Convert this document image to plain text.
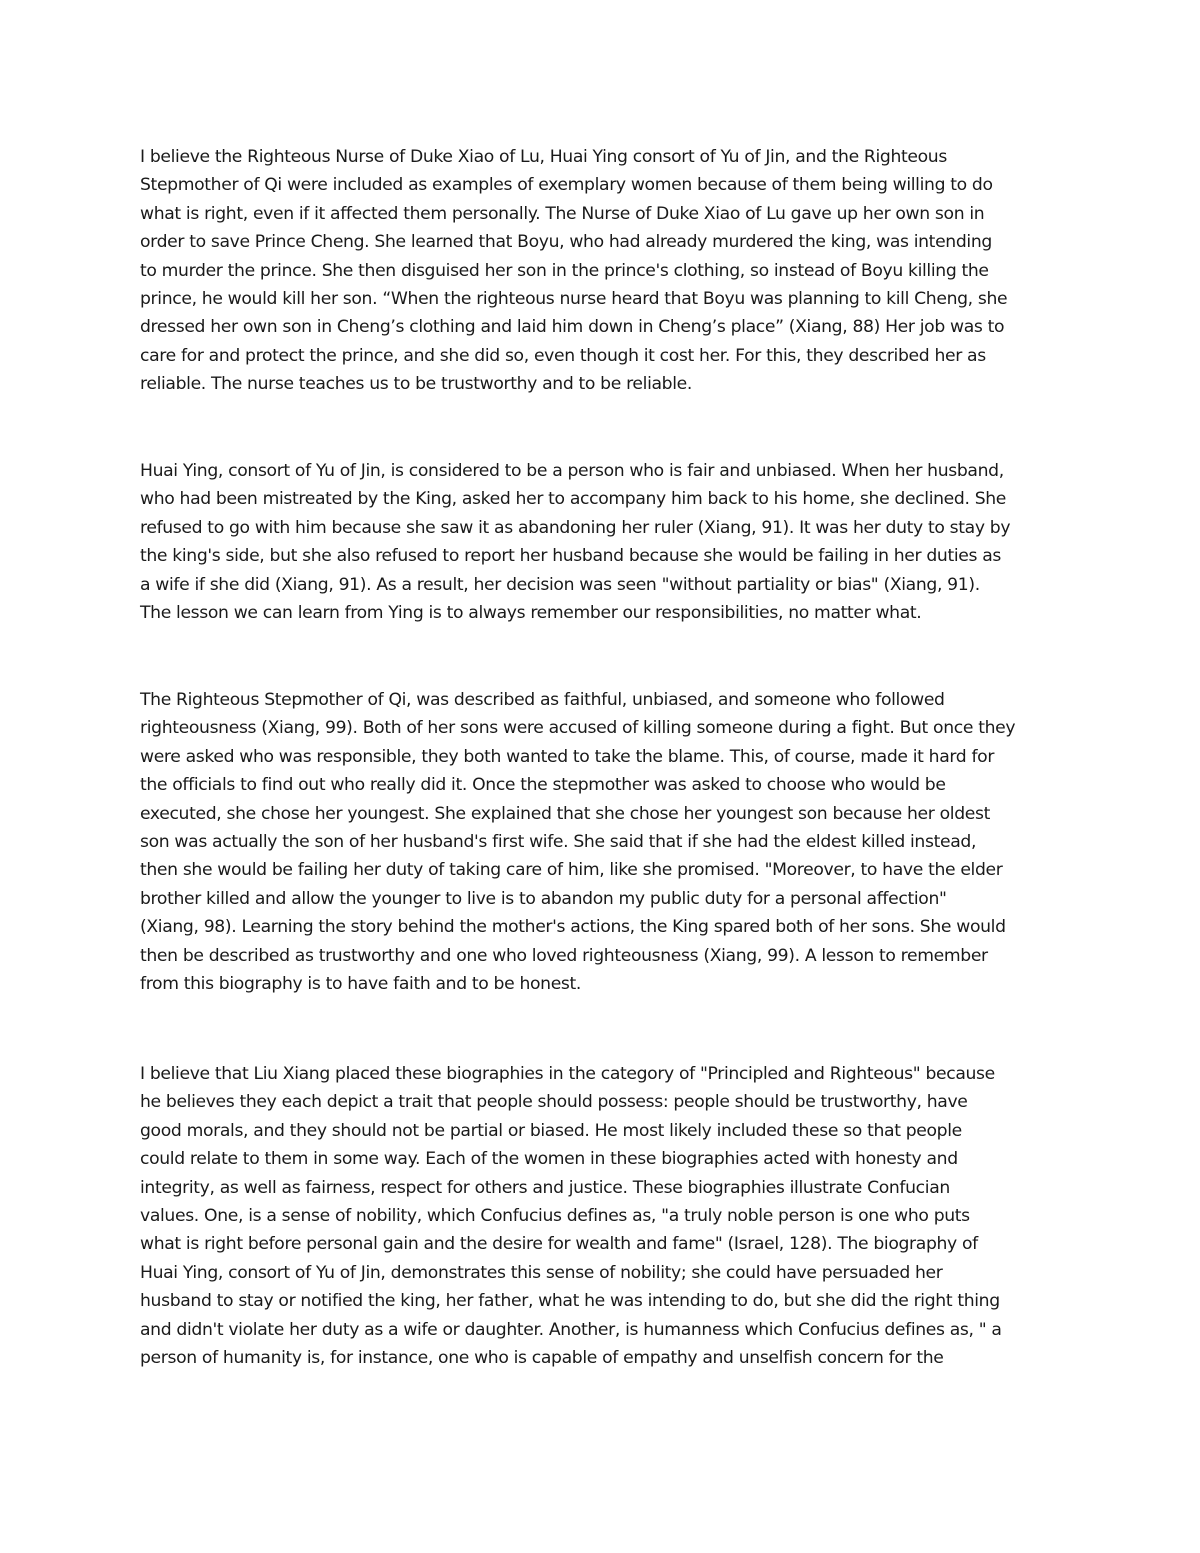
I believe the Righteous Nurse of Duke Xiao of Lu, Huai Ying consort of Yu of Jin, and the Righteous
Stepmother of Qi were included as examples of exemplary women because of them being willing to do
what is right, even if it affected them personally. The Nurse of Duke Xiao of Lu gave up her own son in
order to save Prince Cheng. She learned that Boyu, who had already murdered the king, was intending
to murder the prince. She then disguised her son in the prince's clothing, so instead of Boyu killing the
prince, he would kill her son. “When the righteous nurse heard that Boyu was planning to kill Cheng, she
dressed her own son in Cheng’s clothing and laid him down in Cheng’s place” (Xiang, 88) Her job was to
care for and protect the prince, and she did so, even though it cost her. For this, they described her as
reliable. The nurse teaches us to be trustworthy and to be reliable.
Huai Ying, consort of Yu of Jin, is considered to be a person who is fair and unbiased. When her husband,
who had been mistreated by the King, asked her to accompany him back to his home, she declined. She
refused to go with him because she saw it as abandoning her ruler (Xiang, 91). It was her duty to stay by
the king's side, but she also refused to report her husband because she would be failing in her duties as
a wife if she did (Xiang, 91). As a result, her decision was seen "without partiality or bias" (Xiang, 91).
The lesson we can learn from Ying is to always remember our responsibilities, no matter what.
The Righteous Stepmother of Qi, was described as faithful, unbiased, and someone who followed
righteousness (Xiang, 99). Both of her sons were accused of killing someone during a fight. But once they
were asked who was responsible, they both wanted to take the blame. This, of course, made it hard for
the officials to find out who really did it. Once the stepmother was asked to choose who would be
executed, she chose her youngest. She explained that she chose her youngest son because her oldest
son was actually the son of her husband's first wife. She said that if she had the eldest killed instead,
then she would be failing her duty of taking care of him, like she promised. "Moreover, to have the elder
brother killed and allow the younger to live is to abandon my public duty for a personal affection"
(Xiang, 98). Learning the story behind the mother's actions, the King spared both of her sons. She would
then be described as trustworthy and one who loved righteousness (Xiang, 99). A lesson to remember
from this biography is to have faith and to be honest.
I believe that Liu Xiang placed these biographies in the category of "Principled and Righteous" because
he believes they each depict a trait that people should possess: people should be trustworthy, have
good morals, and they should not be partial or biased. He most likely included these so that people
could relate to them in some way. Each of the women in these biographies acted with honesty and
integrity, as well as fairness, respect for others and justice. These biographies illustrate Confucian
values. One, is a sense of nobility, which Confucius defines as, "a truly noble person is one who puts
what is right before personal gain and the desire for wealth and fame" (Israel, 128). The biography of
Huai Ying, consort of Yu of Jin, demonstrates this sense of nobility; she could have persuaded her
husband to stay or notified the king, her father, what he was intending to do, but she did the right thing
and didn't violate her duty as a wife or daughter. Another, is humanness which Confucius defines as, " a
person of humanity is, for instance, one who is capable of empathy and unselfish concern for the
